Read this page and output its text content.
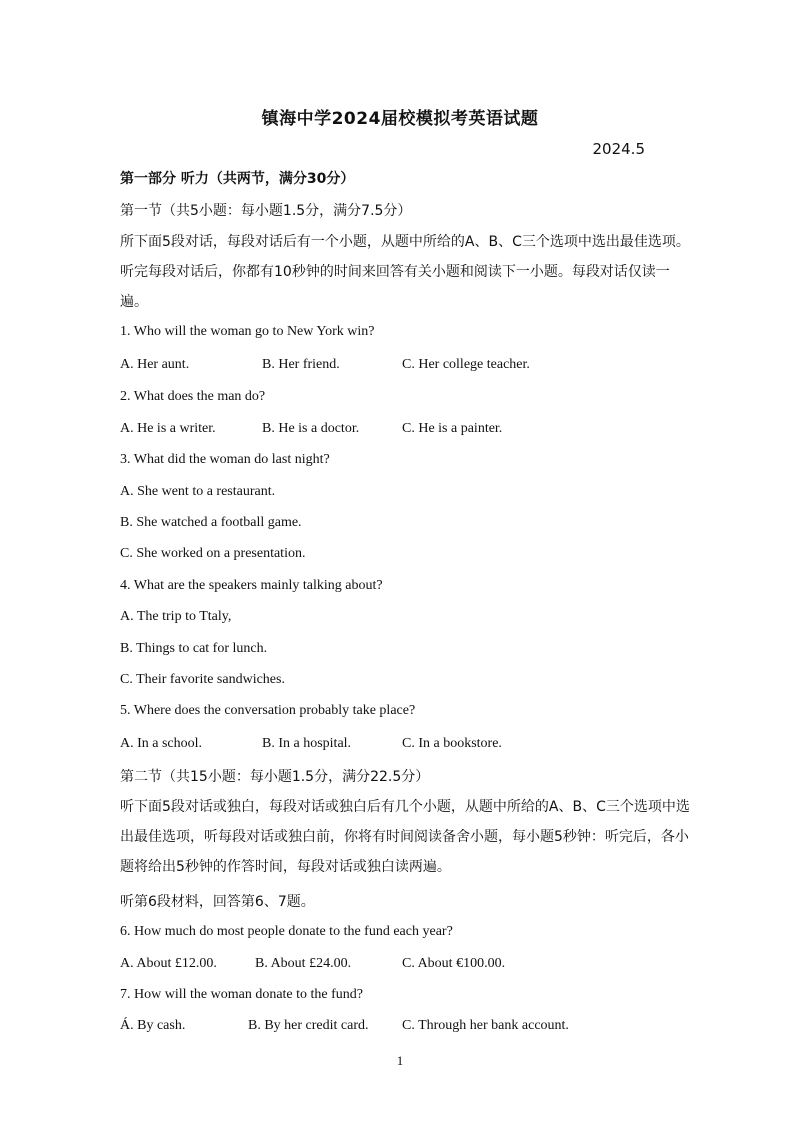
镇海中学2024届校模拟考英语试题
2024.5
第一部分 听力（共两节，满分30分）
第一节（共5小题：每小题1.5分，满分7.5分）
所下面5段对话，每段对话后有一个小题，从题中所给的A、B、C三个选项中选出最佳选项。听完每段对话后，你都有10秒钟的时间来回答有关小题和阅读下一小题。每段对话仅读一遍。
1. Who will the woman go to New York win?
A. Her aunt.	B. Her friend.	C. Her college teacher.
2. What does the man do?
A. He is a writer.	B. He is a doctor.	C. He is a painter.
3. What did the woman do last night?
A. She went to a restaurant.
B. She watched a football game.
C. She worked on a presentation.
4. What are the speakers mainly talking about?
A. The trip to Ttaly,
B. Things to cat for lunch.
C. Their favorite sandwiches.
5. Where does the conversation probably take place?
A. In a school.	B. In a hospital.	C. In a bookstore.
第二节（共15小题：每小题1.5分，满分22.5分）
听下面5段对话或独白，每段对话或独白后有几个小题，从题中所给的A、B、C三个选项中选出最佳选项，听每段对话或独白前，你将有时间阅读备舍小题，每小题5秒钟：听完后，各小题将给出5秒钟的作答时间，每段对话或独白读两遍。
听第6段材料，回答第6、7题。
6. How much do most people donate to the fund each year?
A. About £12.00.	B. About £24.00.	C. About €100.00.
7. How will the woman donate to the fund?
Á. By cash.	B. By her credit card. C. Through her bank account.
1
